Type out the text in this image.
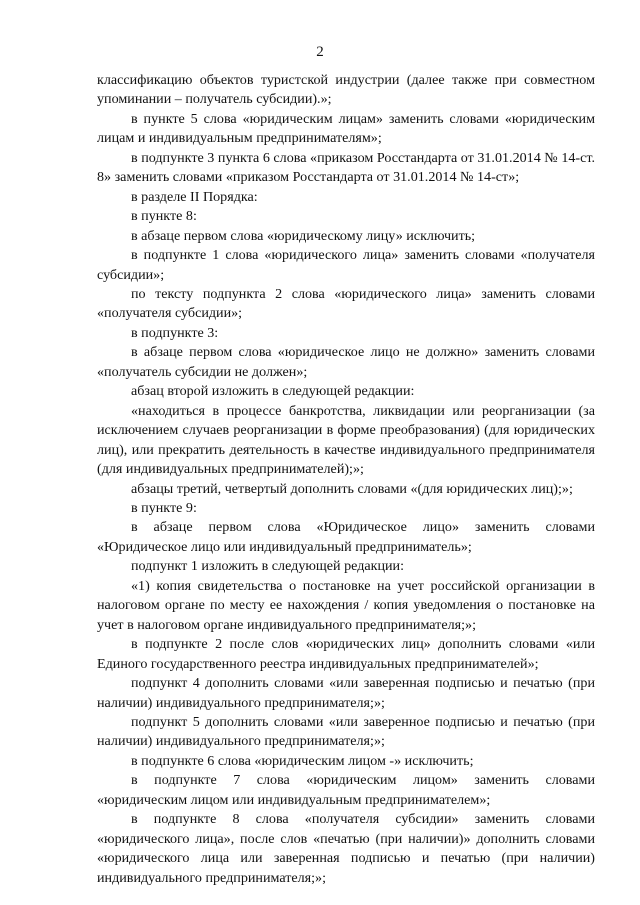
2

классификацию объектов туристской индустрии (далее также при совместном упоминании – получатель субсидии).»;

в пункте 5 слова «юридическим лицам» заменить словами «юридическим лицам и индивидуальным предпринимателям»;

в подпункте 3 пункта 6 слова «приказом Росстандарта от 31.01.2014 № 14-ст. 8» заменить словами «приказом Росстандарта от 31.01.2014 № 14-ст»;

в разделе II Порядка:

в пункте 8:

в абзаце первом слова «юридическому лицу» исключить;

в подпункте 1 слова «юридического лица» заменить словами «получателя субсидии»;

по тексту подпункта 2 слова «юридического лица» заменить словами «получателя субсидии»;

в подпункте 3:

в абзаце первом слова «юридическое лицо не должно» заменить словами «получатель субсидии не должен»;

абзац второй изложить в следующей редакции:

«находиться в процессе банкротства, ликвидации или реорганизации (за исключением случаев реорганизации в форме преобразования) (для юридических лиц), или прекратить деятельность в качестве индивидуального предпринимателя (для индивидуальных предпринимателей);»;

абзацы третий, четвертый дополнить словами «(для юридических лиц);»;

в пункте 9:

в абзаце первом слова «Юридическое лицо» заменить словами «Юридическое лицо или индивидуальный предприниматель»;

подпункт 1 изложить в следующей редакции:

«1) копия свидетельства о постановке на учет российской организации в налоговом органе по месту ее нахождения / копия уведомления о постановке на учет в налоговом органе индивидуального предпринимателя;»;

в подпункте 2 после слов «юридических лиц» дополнить словами «или Единого государственного реестра индивидуальных предпринимателей»;

подпункт 4 дополнить словами «или заверенная подписью и печатью (при наличии) индивидуального предпринимателя;»;

подпункт 5 дополнить словами «или заверенное подписью и печатью (при наличии) индивидуального предпринимателя;»;

в подпункте 6 слова «юридическим лицом -» исключить;

в подпункте 7 слова «юридическим лицом» заменить словами «юридическим лицом или индивидуальным предпринимателем»;

в подпункте 8 слова «получателя субсидии» заменить словами «юридического лица», после слов «печатью (при наличии)» дополнить словами «юридического лица или заверенная подписью и печатью (при наличии) индивидуального предпринимателя;»;
